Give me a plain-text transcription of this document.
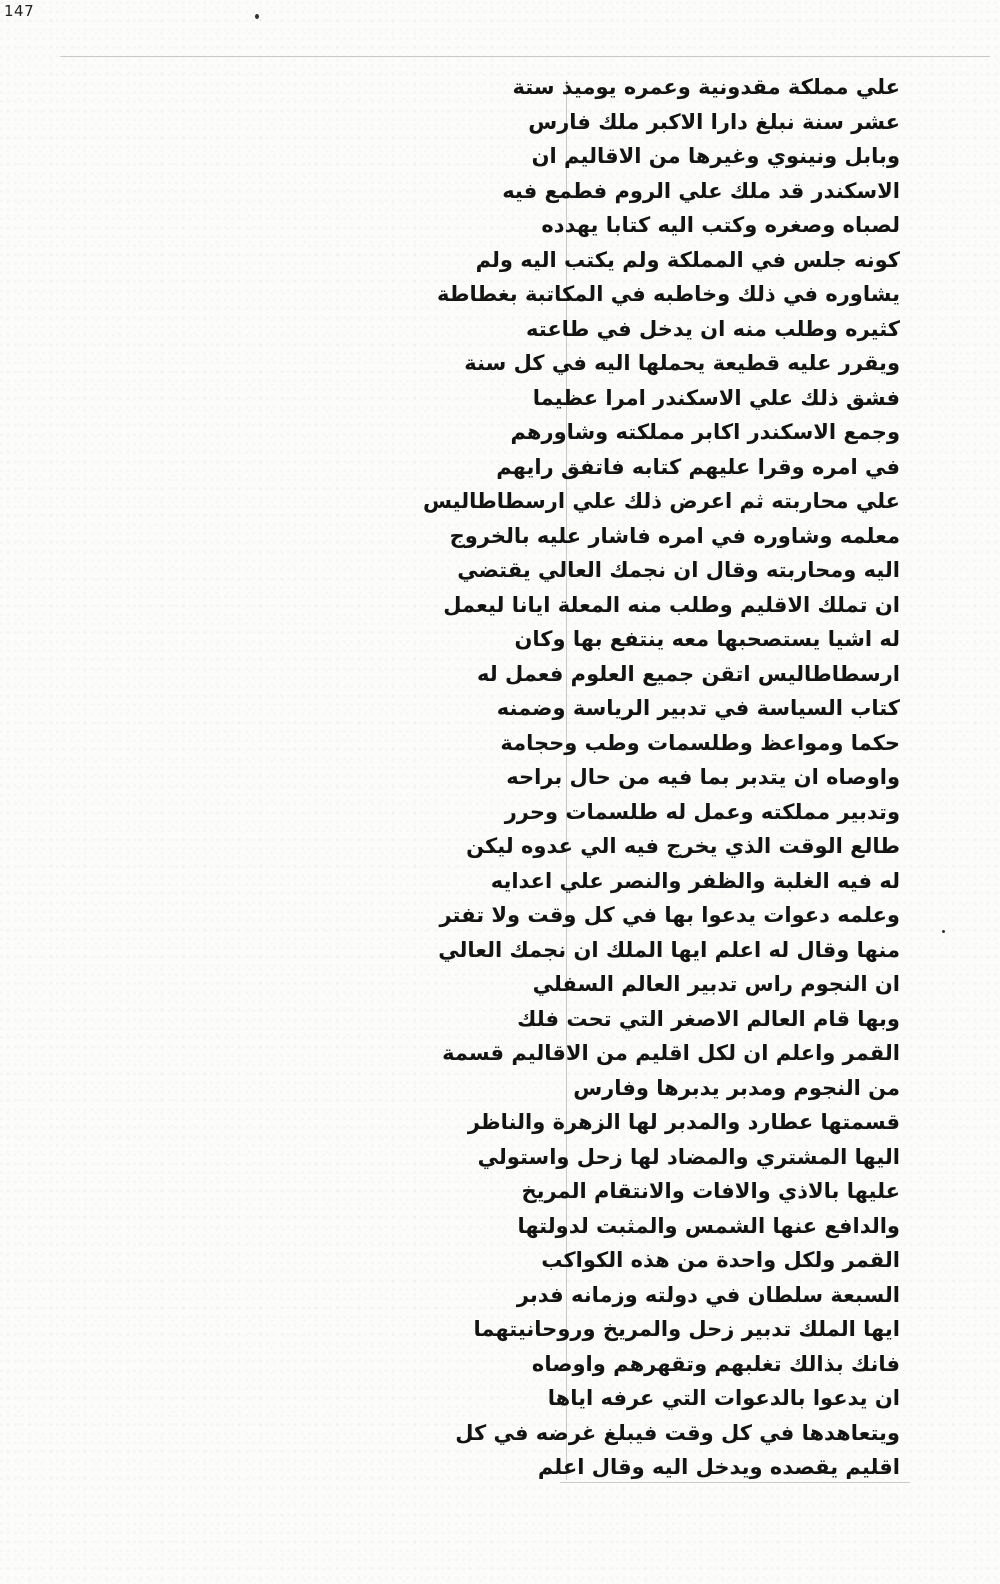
147
علي مملكة مقدونية وعمره يوميذ ستة
عشر سنة نبلغ دارا الاكبر ملك فارس
وبابل ونينوي وغيرها من الاقاليم ان
الاسكندر قد ملك علي الروم فطمع فيه
لصباه وصغره وكتب اليه كتابا يهدده
كونه جلس في المملكة ولم يكتب اليه ولم
يشاوره في ذلك وخاطبه في المكاتبة بغطاطة
كثيره وطلب منه ان يدخل في طاعته
ويقرر عليه قطيعة يحملها اليه في كل سنة
فشق ذلك علي الاسكندر امرا عظيما
وجمع الاسكندر اكابر مملكته وشاورهم
في امره وقرا عليهم كتابه فاتفق رايهم
علي محاربته ثم اعرض ذلك علي ارسطاطاليس
معلمه وشاوره في امره فاشار عليه بالخروج
اليه ومحاربته وقال ان نجمك العالي يقتضي
ان تملك الاقليم وطلب منه المعلة ايانا ليعمل
له اشيا يستصحبها معه ينتفع بها وكان
ارسطاطاليس اتقن جميع العلوم فعمل له
كتاب السياسة في تدبير الرياسة وضمنه
حكما ومواعظ وطلسمات وطب وحجامة
واوصاه ان يتدبر بما فيه من حال براحه
وتدبير مملكته وعمل له طلسمات وحرر
طالع الوقت الذي يخرج فيه الي عدوه ليكن
له فيه الغلبة والظفر والنصر علي اعدايه
وعلمه دعوات يدعوا بها في كل وقت ولا تفتر
منها وقال له اعلم ايها الملك ان نجمك العالي
ان النجوم راس تدبير العالم السفلي
وبها قام العالم الاصغر التي تحت فلك
القمر واعلم ان لكل اقليم من الاقاليم قسمة
من النجوم ومدبر يدبرها وفارس
قسمتها عطارد والمدبر لها الزهرة والناظر
اليها المشتري والمضاد لها زحل واستولي
عليها بالاذي والافات والانتقام المريخ
والدافع عنها الشمس والمثبت لدولتها
القمر ولكل واحدة من هذه الكواكب
السبعة سلطان في دولته وزمانه فدبر
ايها الملك تدبير زحل والمريخ وروحانيتهما
فانك بذالك تغلبهم وتقهرهم واوصاه
ان يدعوا بالدعوات التي عرفه اياها
ويتعاهدها في كل وقت فيبلغ غرضه في كل
اقليم يقصده ويدخل اليه وقال اعلم
